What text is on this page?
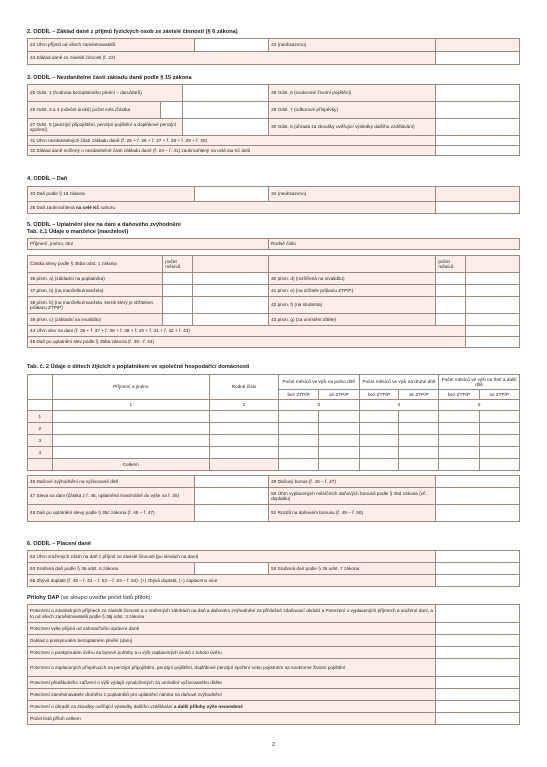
2. ODDÍL – Základ daně z příjmů fyzických osob ze závislé činnosti (§ 6 zákona)
22 Úhrn příjmů od všech zaměstnavatelů		23 (neobsazeno)	
24 Základ daně ze závislé činnosti (ř. 22)			
3. ODDÍL – Nezdanitelné části základu daně podle § 15 zákona
25 Odst. 1 (hodnota bezúplatného plnění – daru/darů)			28 Odst. 6 (soukromé životní pojištění)	
26 Odst. 3 a 4 (odečet úroků) počet měs./částka			29 Odst. 7 (odborové příspěvky)	
27 Odst. 5 (penzijní připojištění, penzijní pojištění a doplňkové penzijní spoření)			30 Odst. 8 (úhrada za zkoušky ověřující výsledky dalšího vzdělávání)	
31 Úhrn nezdanitelných částí základu daně (ř. 25 + ř. 26 + ř. 27 + ř. 28 + ř. 29 + ř. 30)				
32 Základ daně snížený o nezdanitelné části základu daně (ř. 24 – ř. 31) zaokrouhlený na celá sta Kč dolů				
4. ODDÍL – Daň
33 Daň podle § 16 zákona		34 (neobsazeno)	
35 Daň zaokrouhlená na celé Kč nahoru			
5. ODDÍL – Uplatnění slev na dani a daňového zvýhodnění
Tab. č.1 Údaje o manželce (manželovi)
Příjmení, jméno, titul	Rodné číslo
Částka slevy podle § 35ba odst. 1 zákona	počet měsíců			počet měsíců	
36 písm. a) (základní na poplatníka)			40 písm. d) (rozšířená na invaliditu)		
37 písm. b) (na manželku/manžela)			41 písm. e) (na držitele průkazu ZTP/P)		
38 písm. b) (na manželku/manžela, která/ který je držitelem průkazu ZTP/P)			42 písm. f) (na studenta)		
39 písm. c) (základní na invaliditu)			43 písm. g) (za umístění dítěte)		
44 Úhrn slev na dani (ř. 36 + ř. 37 + ř. 38 + ř. 39 + ř. 40 + ř. 41 + ř. 42 + ř. 43)					
45 Daň po uplatnění slev podle § 35ba zákona (ř. 35 - ř. 44)					
Tab. č. 2 Údaje o dětech žijících s poplatníkem ve společně hospodařící domácnosti
	Příjmení a jméno	Rodné číslo	Počet měsíců ve výši na jedno dítě		Počet měsíců ve výši na druhé dítě		Počet měsíců ve výši na třetí a další dítě	
			bez ZTP/P	se ZTP/P	bez ZTP/P	se ZTP/P	bez ZTP/P	se ZTP/P
	1	2	3		4		5	
1								
2								
3								
4								
	Celkem							
46 Daňové zvýhodnění na vyživované dítě		49 Daňový bonus (ř. 46 – ř. 47)	
47 Sleva na dani (částka z ř. 46, uplatněná maximálně do výše na ř. 45)		50 Úhrn vyplacených měsíčních daňových bonusů podle § 35d zákona (vč. doplatku)	
48 Daň po uplatnění slevy podle § 35c zákona (ř. 45 – ř. 47)		51 Rozdíl na daňovém bonusu (ř. 49 – ř. 50)	
6. ODDÍL – Placení daně
52 Úhrn sražených záloh na daň z příjmů ze závislé činnosti (po slevách na daní)			
53 Sražená daň podle § 36 odst. 6 zákona		54 Sražená daň podle § 36 odst. 7 zákona	
55 Zbývá doplatit (ř. 48 – ř. 51 – ř. 52 – ř. 53 – ř. 54): (+) zbývá doplatit, (–) zaplaceno více			
Přílohy DAP (ve sloupci uveďte počet listů příloh):
Potvrzení o zdanitelných příjmech ze závislé činnosti a o sražených zálohách na daň a daňovém zvýhodnění za příslušné zdaňovací období a Potvrzení o vyplacených příjmech a sražené dani, a to od všech zaměstnavatelů podle § 38j odst. 3 zákona	
Potvrzení výše příjmů od zahraničního správce daně	
Doklad o poskytnutém bezúplatném plnění (daru)	
Potvrzení o poskytnutém úvěru na bytové potřeby a o výši zaplacených úroků z tohoto úvěru	
Potvrzení o zaplacených příspěvcích na penzijní připojištění, penzijní pojištění, doplňkové penzijní spoření nebo pojistném na soukromé životní pojištění	
Potvrzení předškolního zařízení o výši výdajů vynaložených za umístění vyživovaného dítěte	
Potvrzení zaměstnavatele druhého z poplatníků pro uplatnění nároku na daňové zvýhodnění	
Potvrzení o úhradě za zkoušky ověřující výsledky dalšího vzdělávání a další přílohy výše neuvedené	
Počet listů příloh celkem	
2
